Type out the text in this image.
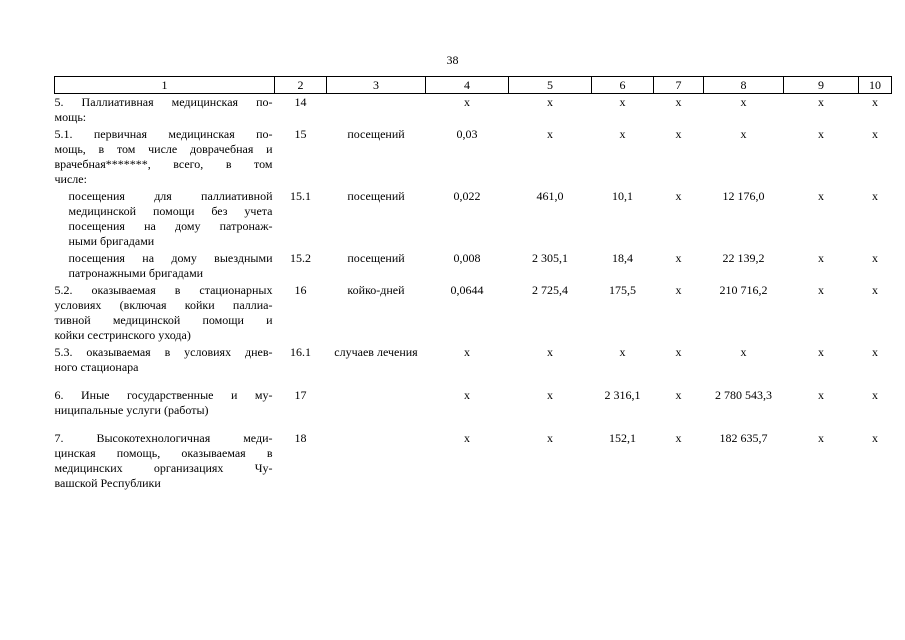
38
1	2	3	4	5	6	7	8	9	10

5. Паллиативная медицинская по-
мощь:	14		х	х	х	х	х	х	х

5.1. первичная медицинская по-
мощь, в том числе доврачебная и
врачебная*******, всего, в том
числе:	15	посещений	0,03	х	х	х	х	х	х

посещения для паллиативной
медицинской помощи без учета
посещения на дому патронаж-
ными бригадами	15.1	посещений	0,022	461,0	10,1	х	12 176,0	х	х

посещения на дому выездными
патронажными бригадами	15.2	посещений	0,008	2 305,1	18,4	х	22 139,2	х	х

5.2. оказываемая в стационарных
условиях (включая койки паллиа-
тивной медицинской помощи и
койки сестринского ухода)	16	койко-дней	0,0644	2 725,4	175,5	х	210 716,2	х	х

5.3. оказываемая в условиях днев-
ного стационара	16.1	случаев лечения	х	х	х	х	х	х	х

6. Иные государственные и му-
ниципальные услуги (работы)	17		х	х	2 316,1	х	2 780 543,3	х	х

7. Высокотехнологичная меди-
цинская помощь, оказываемая в
медицинских организациях Чу-
вашской Республики	18		х	х	152,1	х	182 635,7	х	х
